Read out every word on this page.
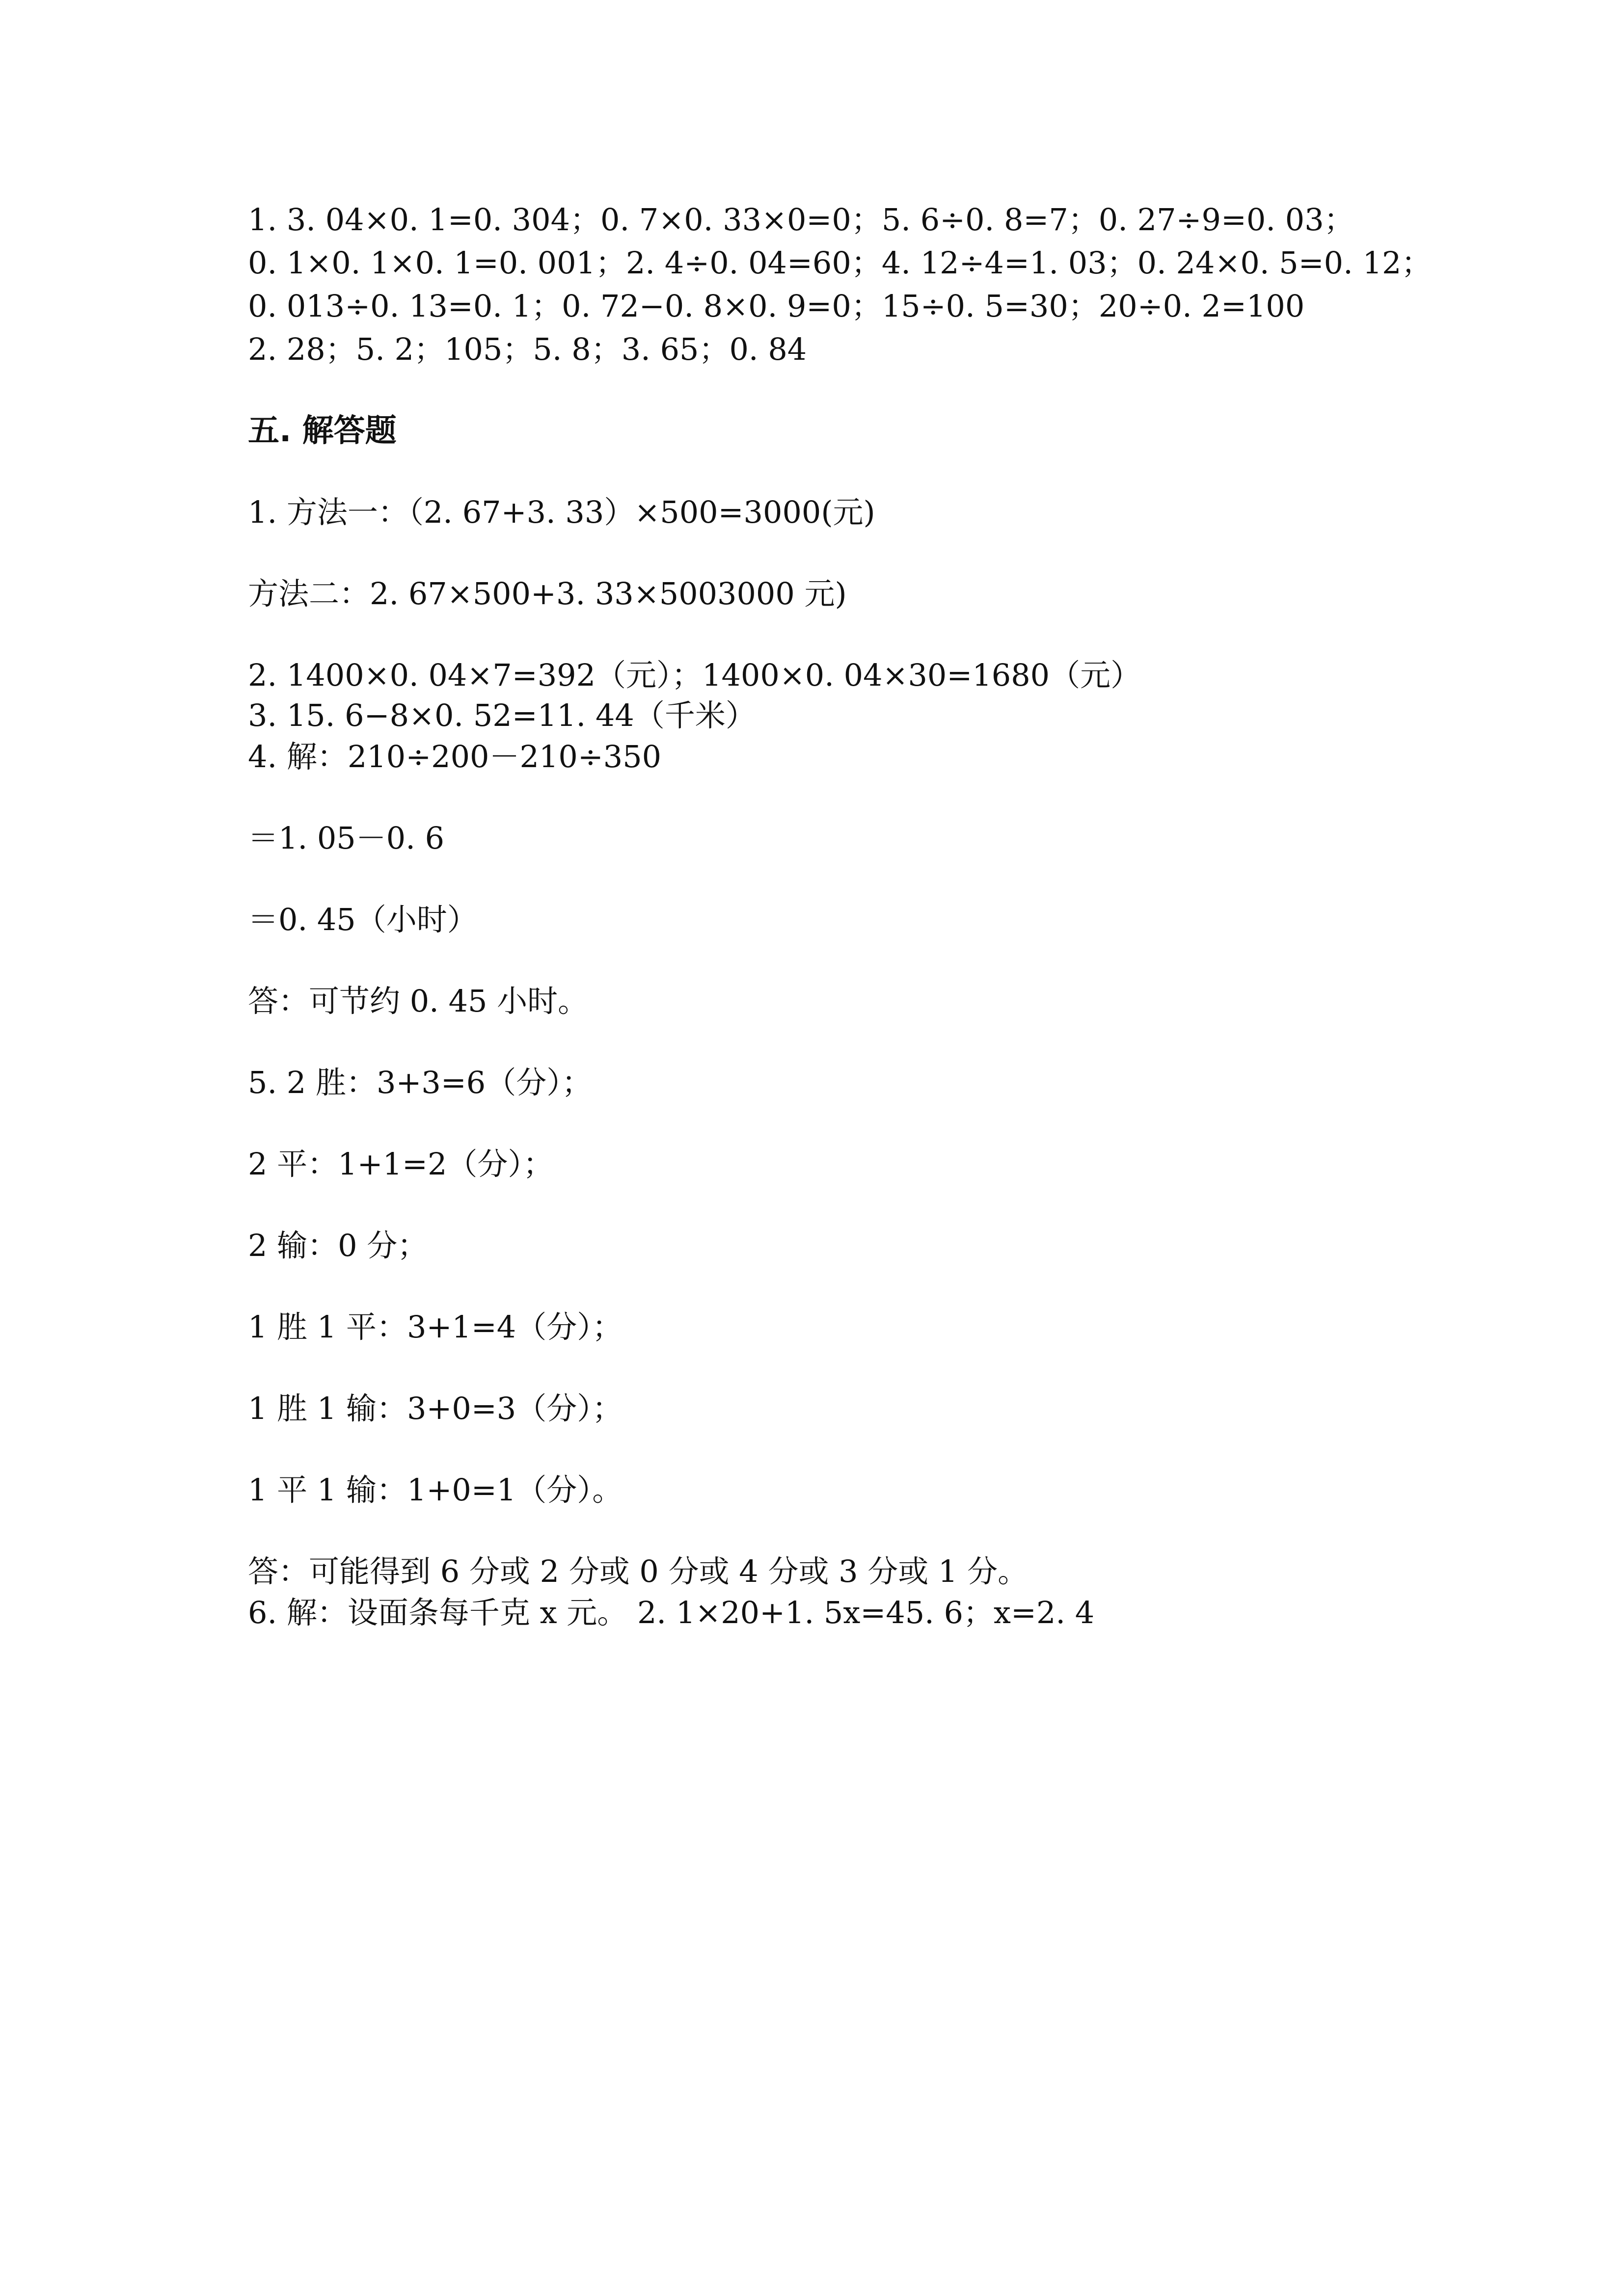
1. 3. 04×0. 1=0. 304；0. 7×0. 33×0=0；5. 6÷0. 8=7；0. 27÷9=0. 03；
0. 1×0. 1×0. 1=0. 001；2. 4÷0. 04=60；4. 12÷4=1. 03；0. 24×0. 5=0. 12；
0. 013÷0. 13=0. 1；0. 72−0. 8×0. 9=0；15÷0. 5=30；20÷0. 2=100
2. 28；5. 2；105；5. 8；3. 65；0. 84
五. 解答题
1. 方法一：（2. 67+3. 33）×500=3000(元)
方法二：2. 67×500+3. 33×5003000 元)
2. 1400×0. 04×7=392（元）；1400×0. 04×30=1680（元）
3. 15. 6−8×0. 52=11. 44（千米）
4. 解：210÷200－210÷350
＝1. 05－0. 6
＝0. 45（小时）
答：可节约 0. 45 小时。
5. 2 胜：3+3=6（分）；
2 平：1+1=2（分）；
2 输：0 分；
1 胜 1 平：3+1=4（分）；
1 胜 1 输：3+0=3（分）；
1 平 1 输：1+0=1（分）。
答：可能得到 6 分或 2 分或 0 分或 4 分或 3 分或 1 分。
6. 解：设面条每千克 x 元。 2. 1×20+1. 5x=45. 6；x=2. 4
